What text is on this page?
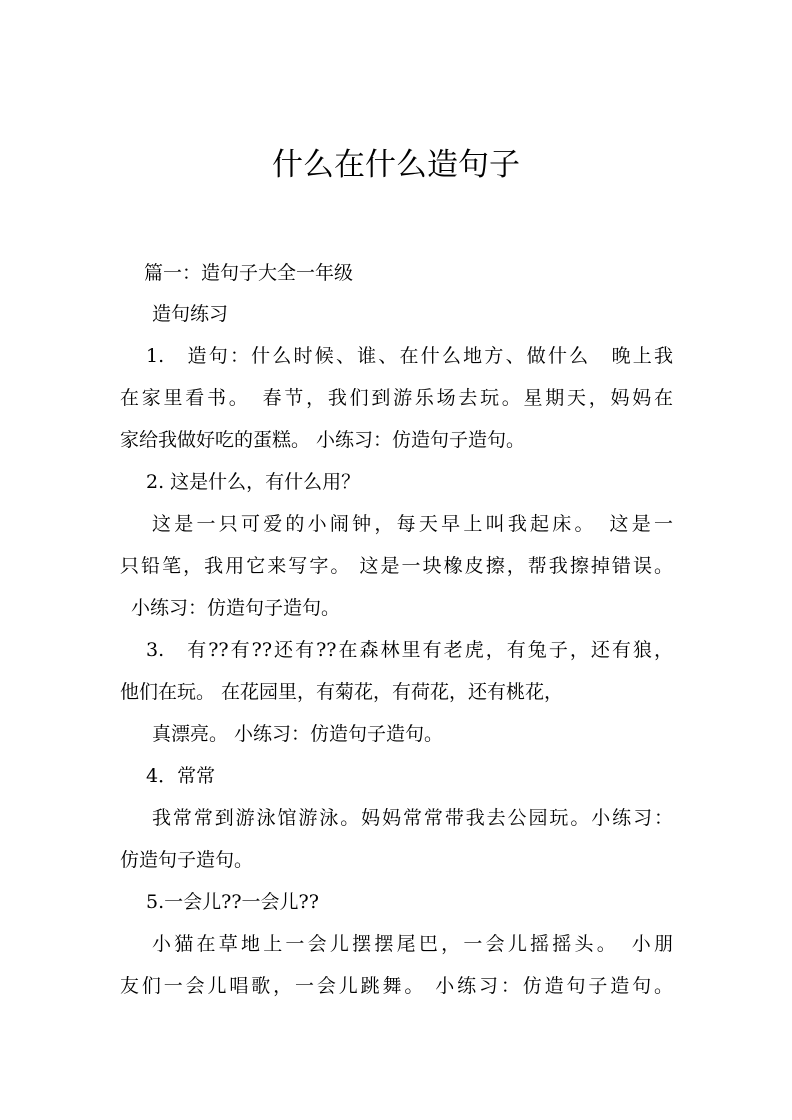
什么在什么造句子

篇一：造句子大全一年级

造句练习

1.　造句：什么时候、谁、在什么地方、做什么　晚上我

在家里看书。　春节，我们到游乐场去玩。星期天，妈妈在

家给我做好吃的蛋糕。 小练习：仿造句子造句。

2. 这是什么，有什么用？

这是一只可爱的小闹钟，每天早上叫我起床。　这是一

只铅笔，我用它来写字。 这是一块橡皮擦，帮我擦掉错误。

小练习：仿造句子造句。

3.　有??有??还有??在森林里有老虎，有兔子，还有狼，

他们在玩。 在花园里，有菊花，有荷花，还有桃花，

真漂亮。 小练习：仿造句子造句。

4．常常

我常常到游泳馆游泳。妈妈常常带我去公园玩。小练习：

仿造句子造句。

5.一会儿??一会儿??

小猫在草地上一会儿摆摆尾巴，一会儿摇摇头。　小朋

友们一会儿唱歌，一会儿跳舞。 小练习：仿造句子造句。
